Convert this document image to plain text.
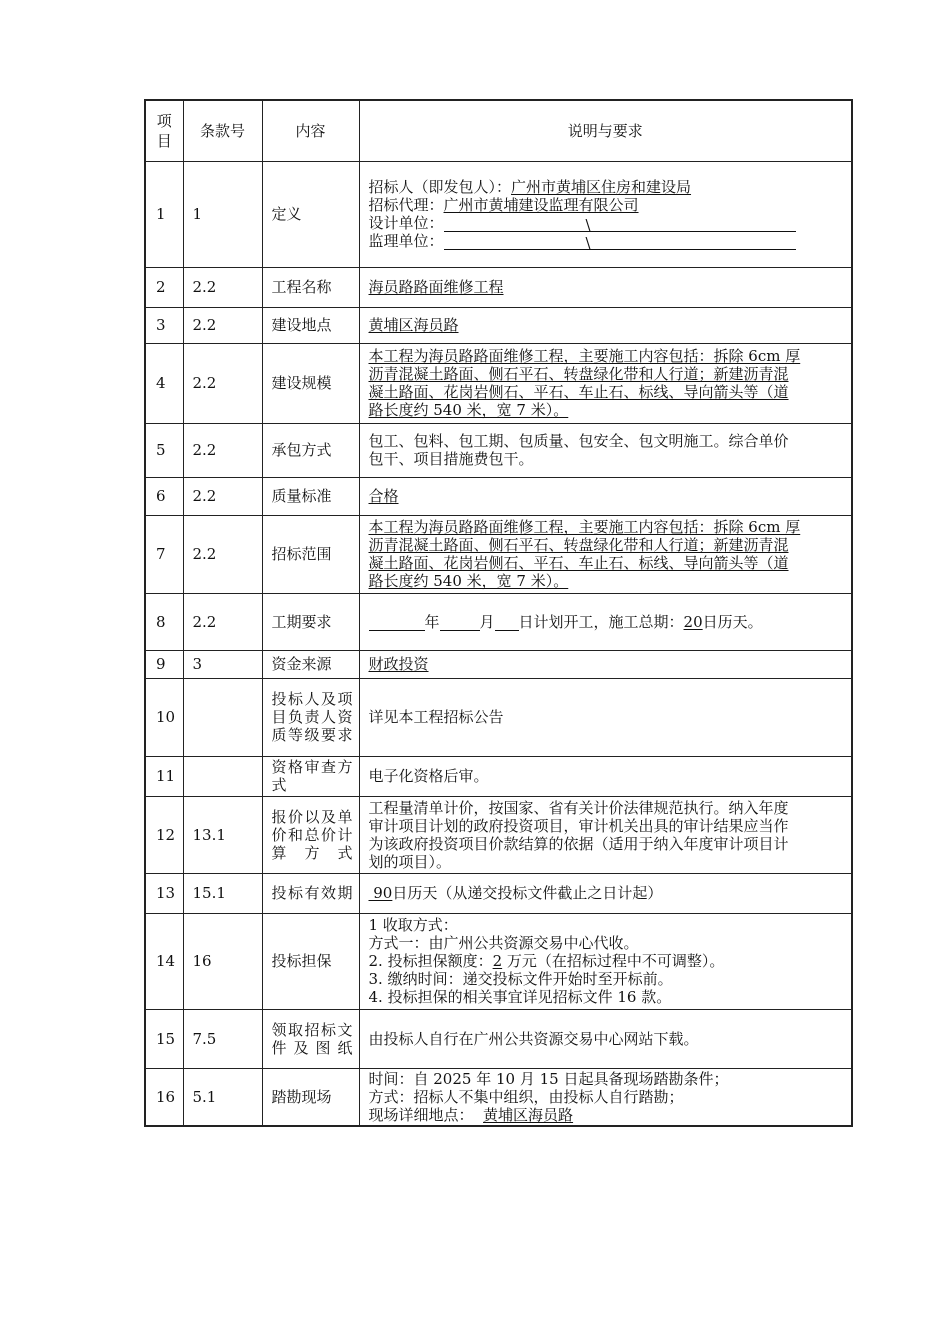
项目	条款号	内容	说明与要求
1	1	定义	招标人（即发包人）：广州市黄埔区住房和建设局
招标代理：广州市黄埔建设监理有限公司
设计单位： \
监理单位： \

2	2.2	工程名称	海员路路面维修工程
3	2.2	建设地点	黄埔区海员路
4	2.2	建设规模	本工程为海员路路面维修工程，主要施工内容包括：拆除 6cm 厚
沥青混凝土路面、侧石平石、转盘绿化带和人行道；新建沥青混
凝土路面、花岗岩侧石、平石、车止石、标线、导向箭头等（道
路长度约 540 米，宽 7 米）。

5	2.2	承包方式	包工、包料、包工期、包质量、包安全、包文明施工。综合单价
包干、项目措施费包干。

6	2.2	质量标准	合格
7	2.2	招标范围	本工程为海员路路面维修工程，主要施工内容包括：拆除 6cm 厚
沥青混凝土路面、侧石平石、转盘绿化带和人行道；新建沥青混
凝土路面、花岗岩侧石、平石、车止石、标线、导向箭头等（道
路长度约 540 米，宽 7 米）。

8	2.2	工期要求	年 月 日计划开工，施工总期：20日历天。
9	3	资金来源	财政投资
10		投标人及项目负责人资质等级要求	详见本工程招标公告
11		资格审查方式	电子化资格后审。
12	13.1	报价以及单价和总价计算方式	工程量清单计价，按国家、省有关计价法律规范执行。纳入年度
审计项目计划的政府投资项目，审计机关出具的审计结果应当作
为该政府投资项目价款结算的依据（适用于纳入年度审计项目计
划的项目）。

13	15.1	投标有效期	90日历天（从递交投标文件截止之日计起）
14	16	投标担保	1 收取方式：
方式一：由广州公共资源交易中心代收。
2. 投标担保额度：2 万元（在招标过程中不可调整）。
3. 缴纳时间：递交投标文件开始时至开标前。
4. 投标担保的相关事宜详见招标文件 16 款。

15	7.5	领取招标文件及图纸	由投标人自行在广州公共资源交易中心网站下载。
16	5.1	踏勘现场	时间：自 2025 年 10 月 15 日起具备现场踏勘条件；
方式：招标人不集中组织，由投标人自行踏勘；
现场详细地点：  黄埔区海员路
